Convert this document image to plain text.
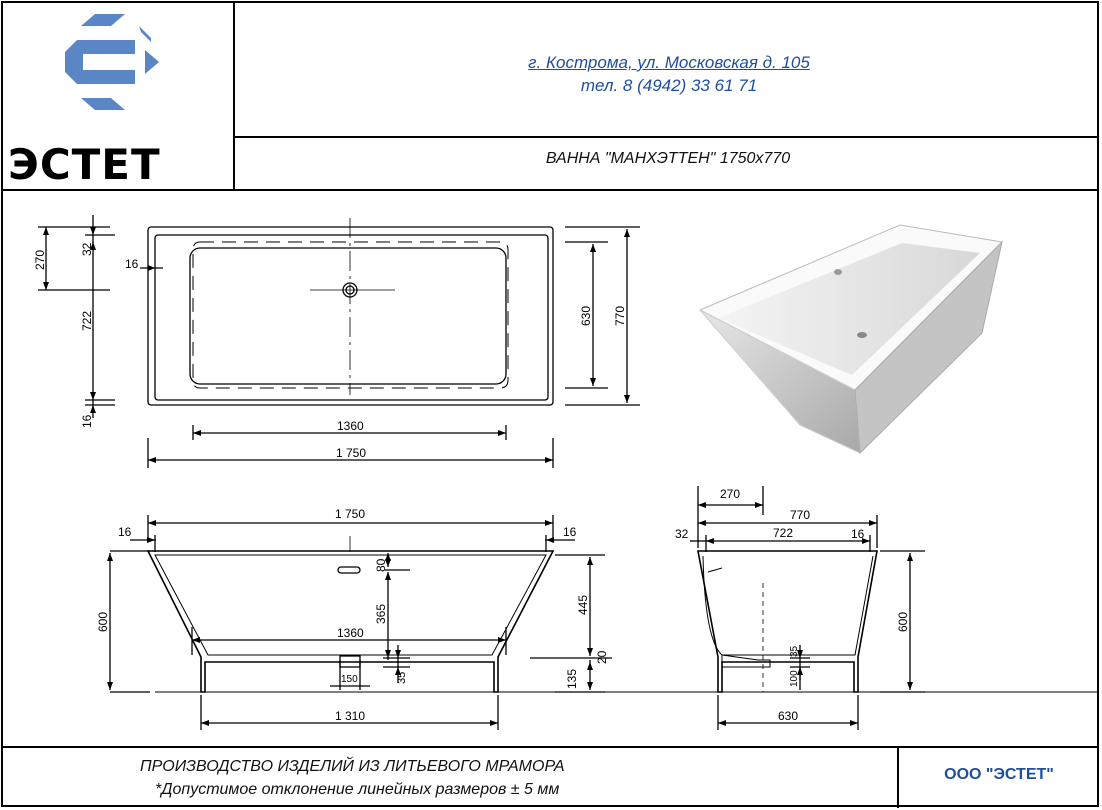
ЭСТЕТ
г. Кострома, ул. Московская д. 105
тел. 8 (4942) 33 61 71
ВАННА "МАНХЭТТЕН" 1750х770
ПРОИЗВОДСТВО ИЗДЕЛИЙ ИЗ ЛИТЬЕВОГО МРАМОРА
*Допустимое отклонение линейных размеров ± 5 мм
ООО "ЭСТЕТ"
270
32
16
722
16
630 770
1360
1 750
1 750
16	16
600
80
365	445
1360
20
135
150	35
1 310
270
770
32	722	16
600
35
100
630
